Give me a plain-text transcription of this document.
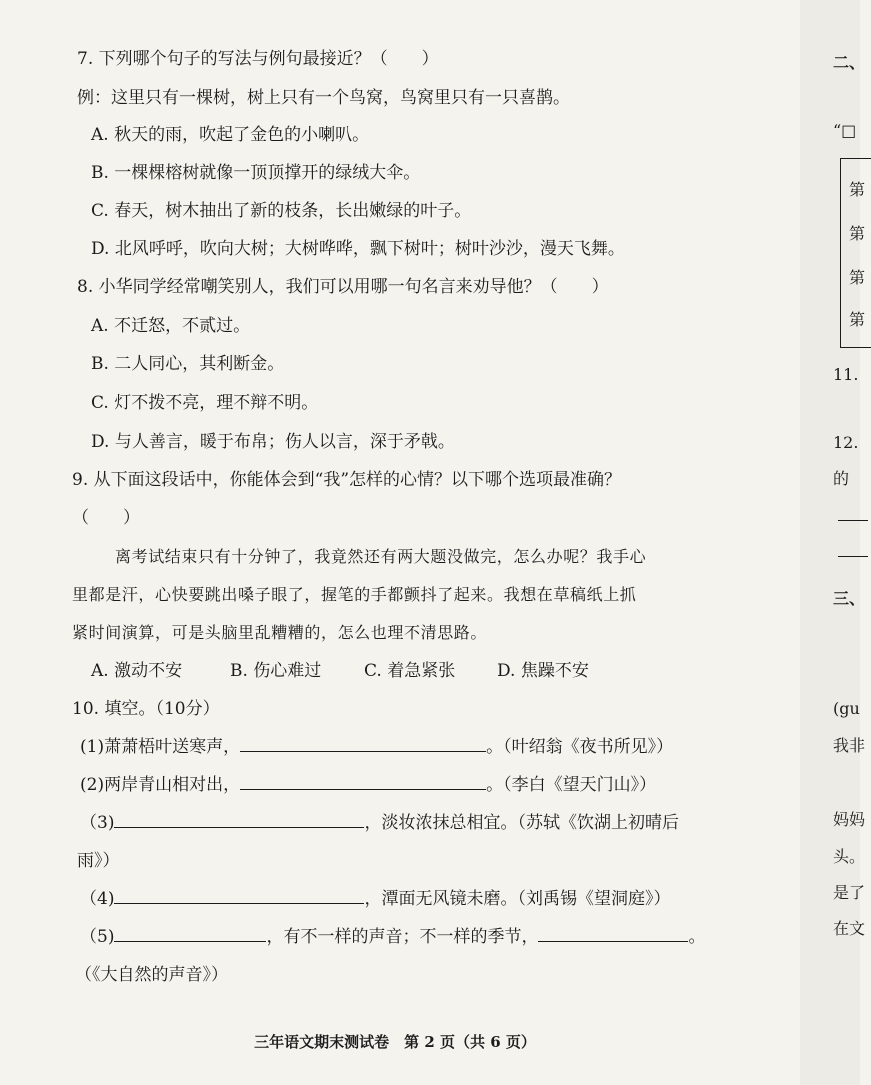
7. 下列哪个句子的写法与例句最接近？（　　）
例：这里只有一棵树，树上只有一个鸟窝，鸟窝里只有一只喜鹊。
A. 秋天的雨，吹起了金色的小喇叭。
B. 一棵棵榕树就像一顶顶撑开的绿绒大伞。
C. 春天，树木抽出了新的枝条，长出嫩绿的叶子。
D. 北风呼呼，吹向大树；大树哗哗，飘下树叶；树叶沙沙，漫天飞舞。
8. 小华同学经常嘲笑别人，我们可以用哪一句名言来劝导他？（　　）
A. 不迁怒，不贰过。
B. 二人同心，其利断金。
C. 灯不拨不亮，理不辩不明。
D. 与人善言，暖于布帛；伤人以言，深于矛戟。
9. 从下面这段话中，你能体会到“我”怎样的心情？以下哪个选项最准确？
（　　）
离考试结束只有十分钟了，我竟然还有两大题没做完，怎么办呢？我手心
里都是汗，心快要跳出嗓子眼了，握笔的手都颤抖了起来。我想在草稿纸上抓
紧时间演算，可是头脑里乱糟糟的，怎么也理不清思路。
A. 激动不安	B. 伤心难过	C. 着急紧张 D. 焦躁不安
10. 填空。（10分）
(1)萧萧梧叶送寒声，	。（叶绍翁《夜书所见》）
(2)两岸青山相对出，	。（李白《望天门山》）
（3)	，淡妆浓抹总相宜。（苏轼《饮湖上初晴后
雨》）
（4)	，潭面无风镜未磨。（刘禹锡《望洞庭》）
（5)	，有不一样的声音；不一样的季节，	。
（《大自然的声音》）
三年语文期末测试卷　第 2 页（共 6 页）
二、
“□
第
第
第
第
11.
12.
的
三、
(gu
我非
妈妈
头。
是了
在文
